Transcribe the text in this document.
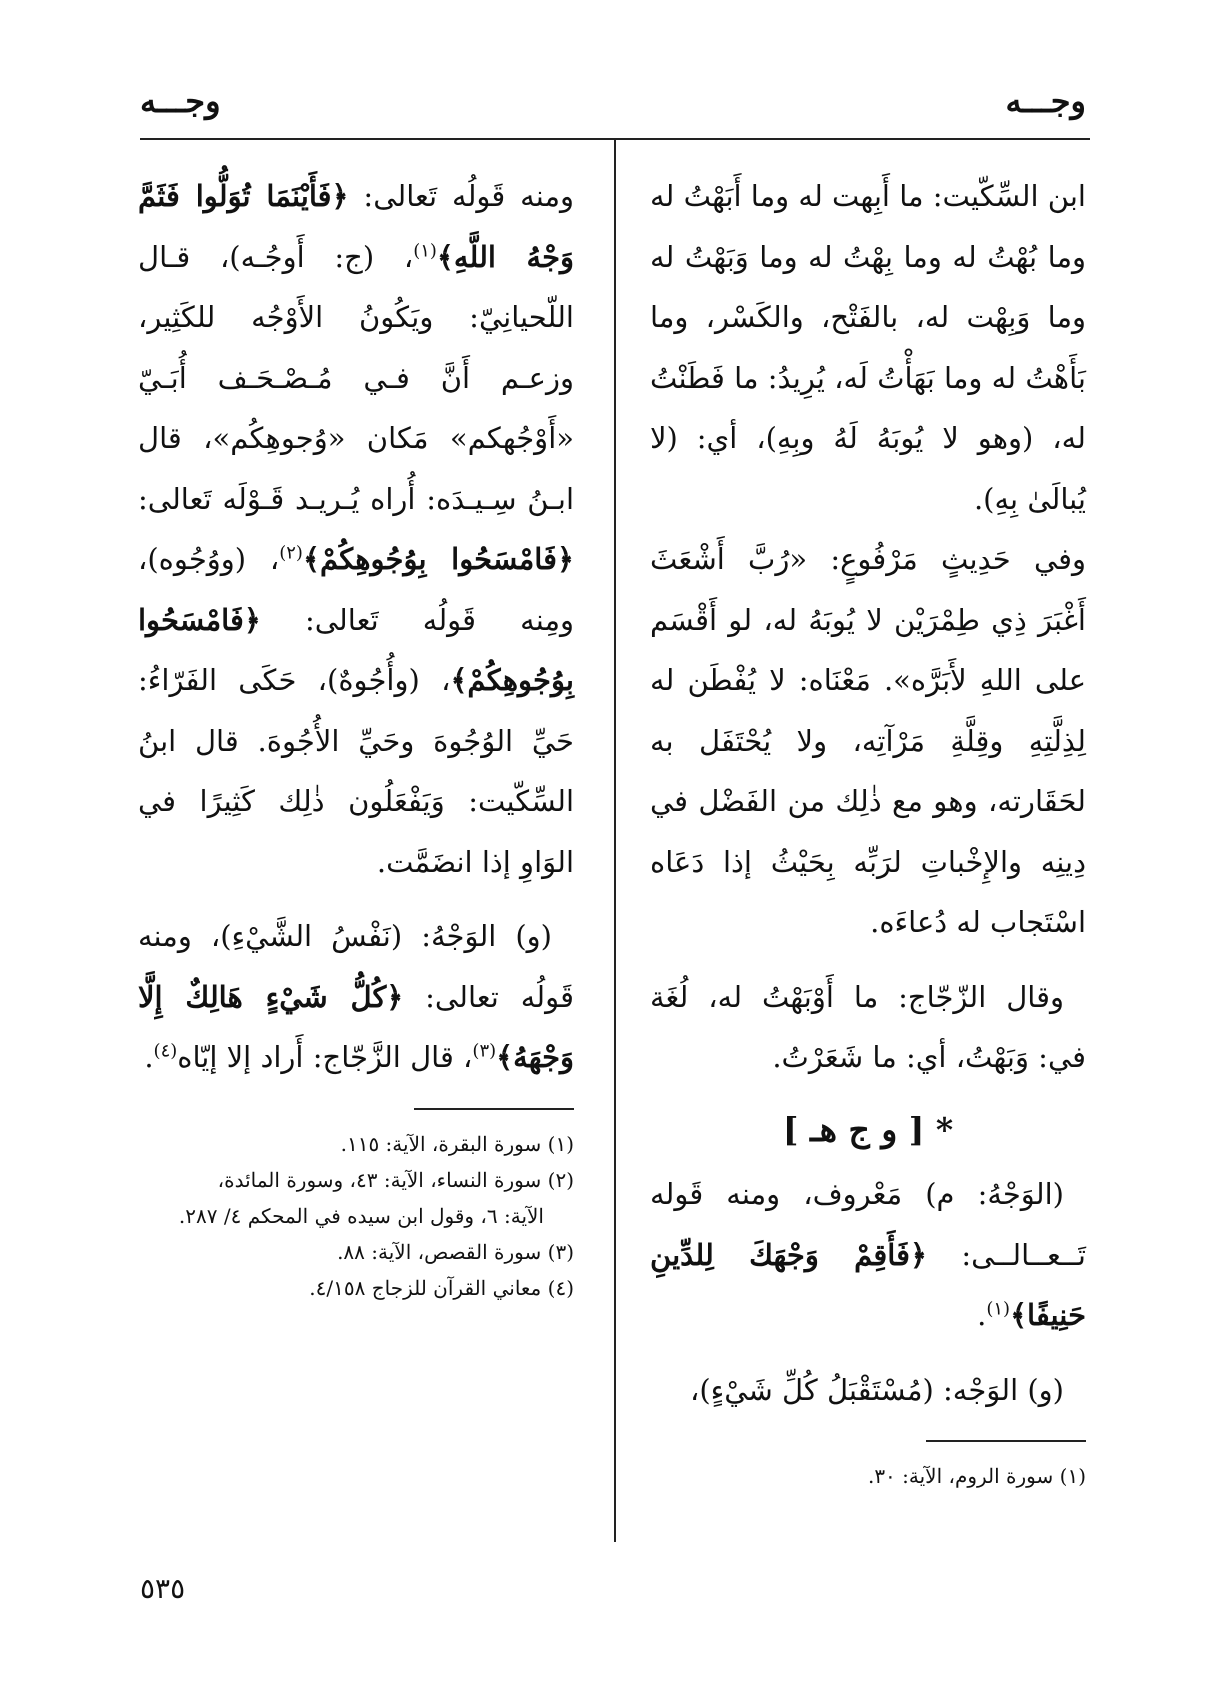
وجـــه
وجـــه

ابن السِّكّيت: ما أَبِهت له وما أَبَهْتُ له وما بُهْتُ له وما بِهْتُ له وما وَبَهْتُ له وما وَبِهْت له، بالفَتْح، والكَسْر، وما بَأَهْتُ له وما بَهَأْتُ لَه، يُرِيدُ: ما فَطَنْتُ له، (وهو لا يُوبَهُ لَهُ وبِهِ)، أي: (لا يُبالَىٰ بِهِ).

وفي حَدِيثٍ مَرْفُوعٍ: «رُبَّ أَشْعَثَ أَغْبَرَ ذِي طِمْرَيْن لا يُوبَهُ له، لو أَقْسَم على اللهِ لأَبَرَّه». مَعْنَاه: لا يُفْطَن له لِذِلَّتِهِ وقِلَّةِ مَرْآتِه، ولا يُحْتَفَل به لحَقَارته، وهو مع ذٰلِك من الفَضْل في دِينِه والإِخْباتِ لرَبِّه بِحَيْثُ إذا دَعَاه اسْتَجاب له دُعاءَه.

وقال الزّجّاج: ما أَوْبَهْتُ له، لُغَة في: وَبَهْتُ، أي: ما شَعَرْتُ.

* [ و ج هـ ]

(الوَجْهُ: م) مَعْروف، ومنه قَوله تَــعــالــى: ﴿فَأَقِمْ وَجْهَكَ لِلدِّينِ حَنِيفًا﴾$^{(١)}$.

(و) الوَجْه: (مُسْتَقْبَلُ كُلِّ شَيْءٍ)،

(١) سورة الروم، الآية: ٣٠.

ومنه قَولُه تَعالى: ﴿فَأَيْنَمَا تُوَلُّوا فَثَمَّ وَجْهُ اللَّهِ﴾$^{(١)}$، (ج: أَوجُـه)، قـال اللّحيانِيّ: ويَكُونُ الأَوْجُه للكَثِير، وزعـم أَنَّ فـي مُـصْـحَـف أُبَـيّ «أَوْجُهكم» مَكان «وُجوهِكُم»، قال ابـنُ سِـيـدَه: أُراه يُـريـد قَـوْلَه تَعالى: ﴿فَامْسَحُوا بِوُجُوهِكُمْ﴾$^{(٢)}$، (ووُجُوه)، ومِنه قَولُه تَعالى: ﴿فَامْسَحُوا بِوُجُوهِكُمْ﴾، (وأُجُوهٌ)، حَكَى الفَرّاءُ: حَيِّ الوُجُوهَ وحَيِّ الأُجُوهَ. قال ابنُ السِّكّيت: وَيَفْعَلُون ذٰلِك كَثِيرًا في الوَاوِ إذا انضَمَّت.

(و) الوَجْهُ: (نَفْسُ الشَّيْءِ)، ومنه قَولُه تعالى: ﴿كُلُّ شَيْءٍ هَالِكٌ إِلَّا وَجْهَهُ﴾$^{(٣)}$، قال الزَّجّاج: أَراد إلا إيّاه$^{(٤)}$.

(١) سورة البقرة، الآية: ١١٥.
(٢) سورة النساء، الآية: ٤٣، وسورة المائدة،
الآية: ٦، وقول ابن سيده في المحكم ٤/ ٢٨٧.
(٣) سورة القصص، الآية: ٨٨.
(٤) معاني القرآن للزجاج ٤/١٥٨.
٥٣٥
